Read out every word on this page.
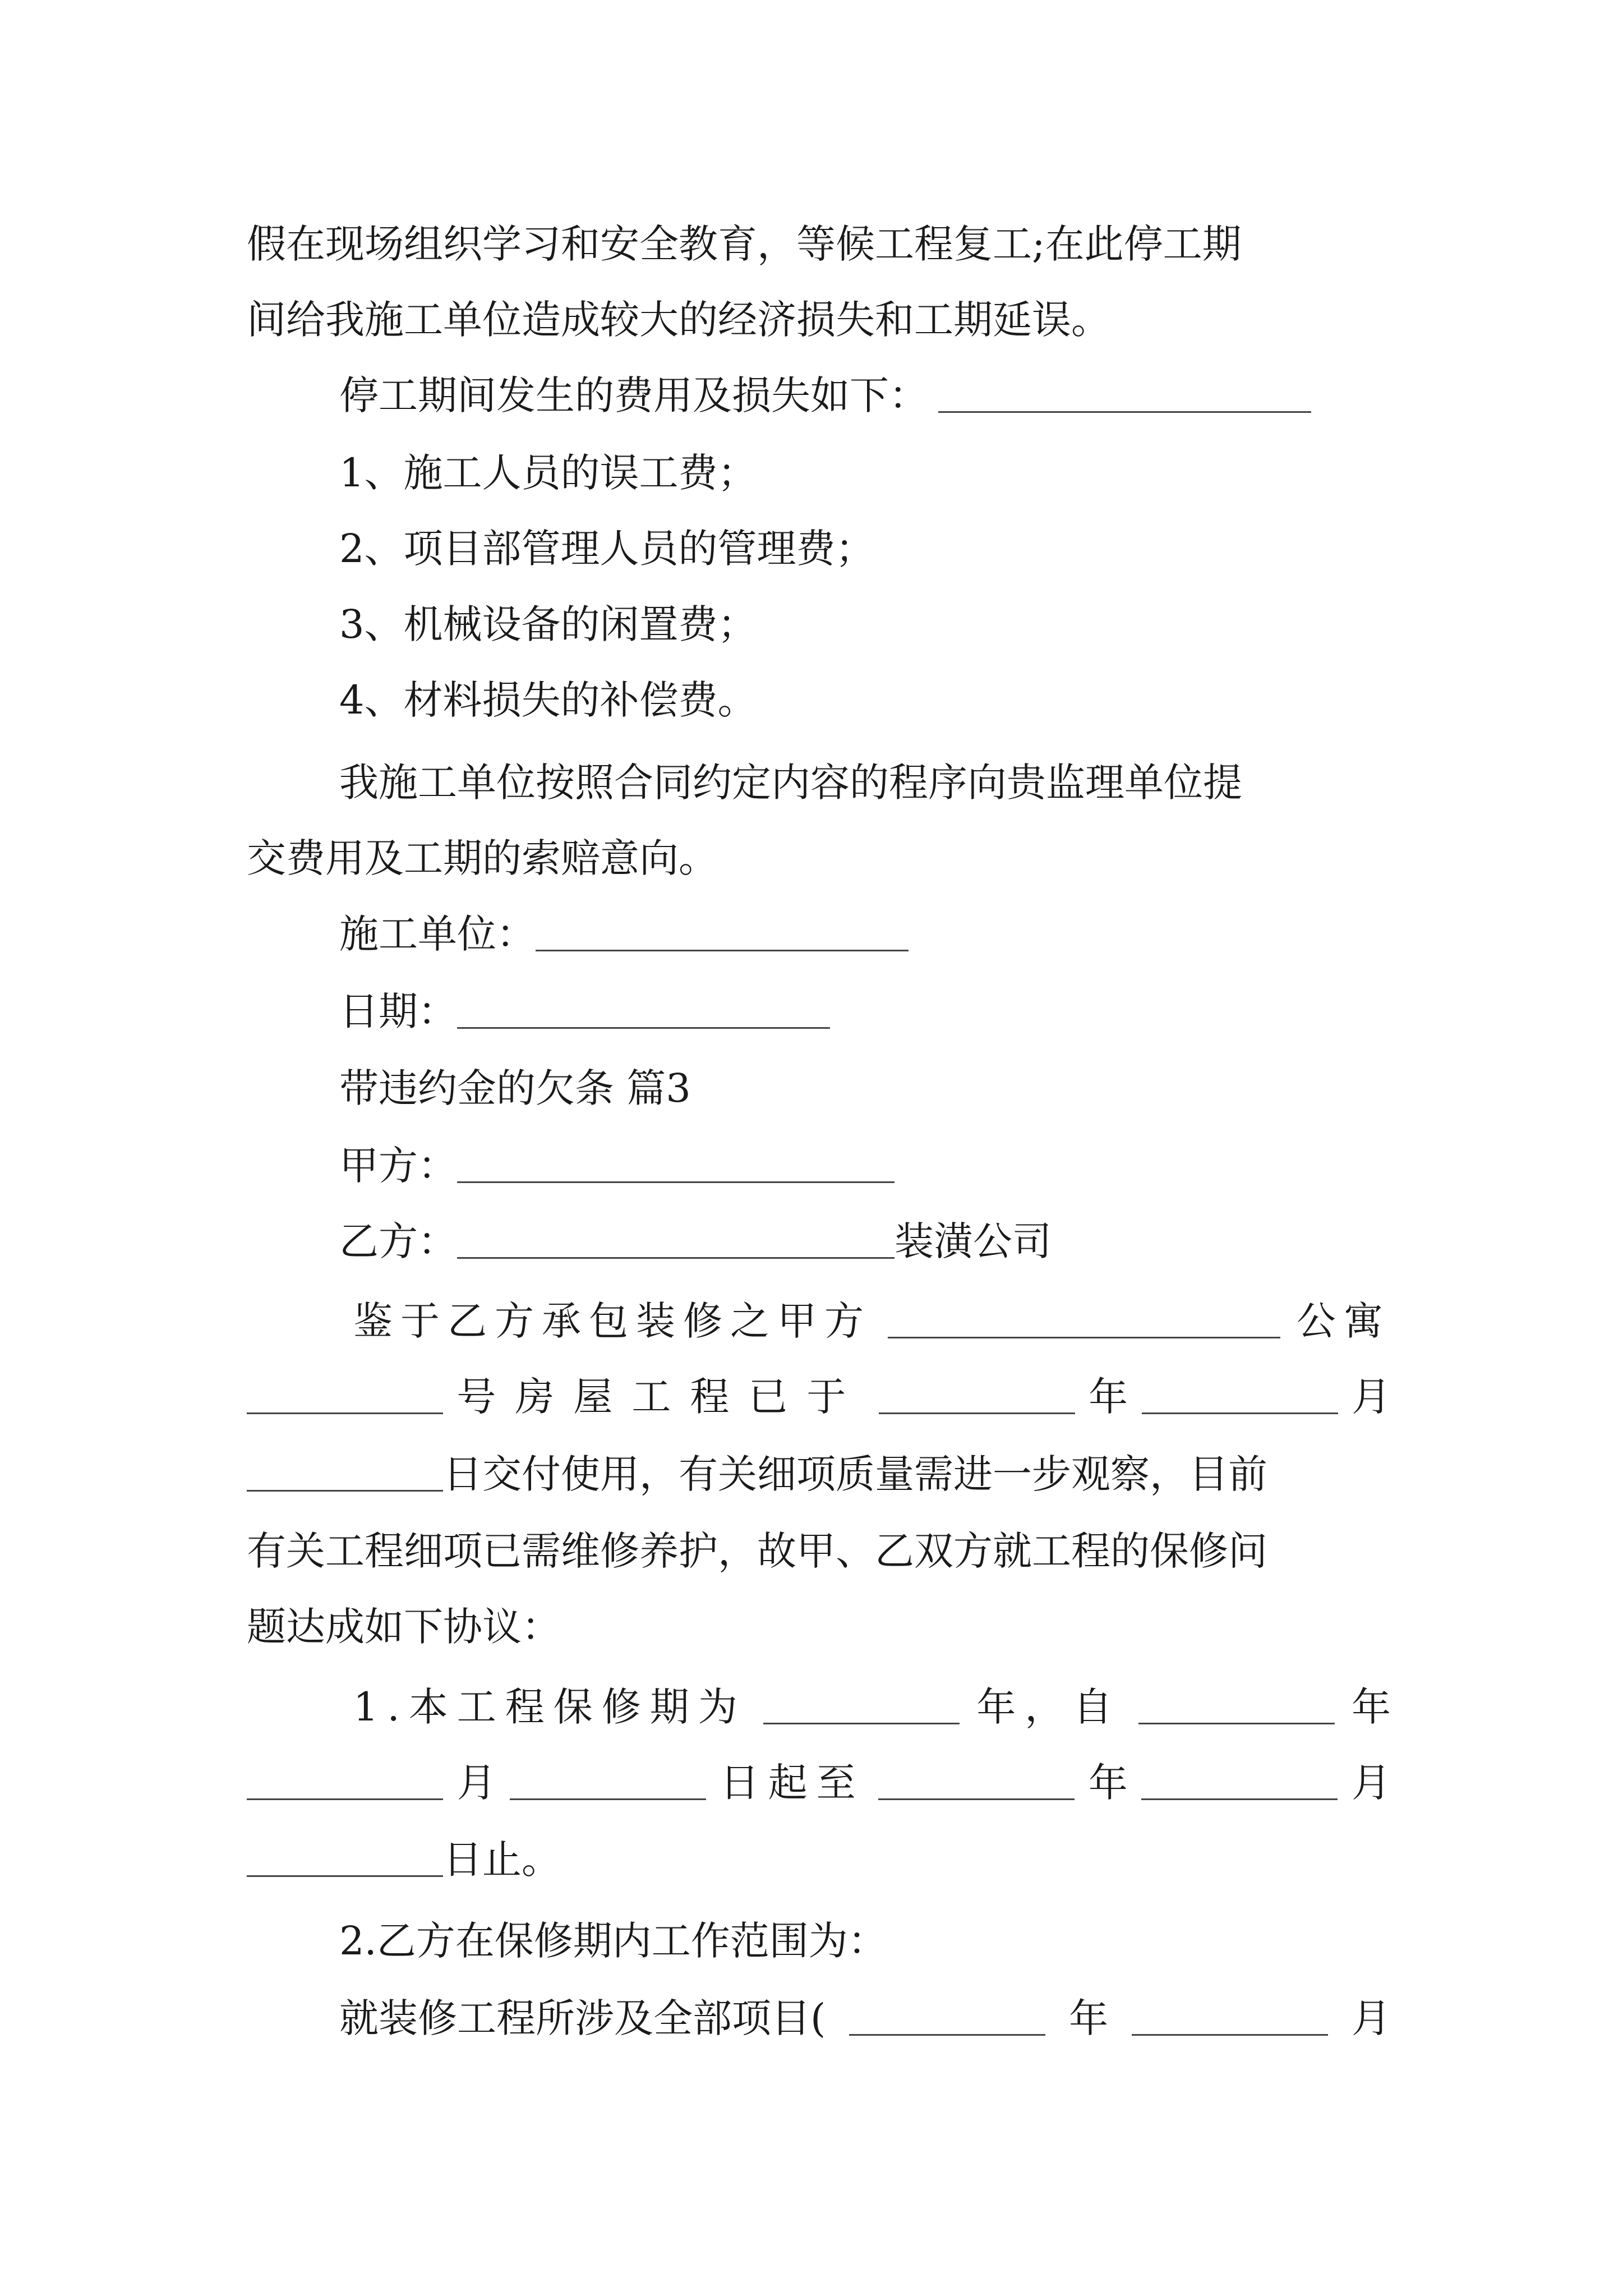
假在现场组织学习和安全教育，等候工程复工;在此停工期
间给我施工单位造成较大的经济损失和工期延误。
停工期间发生的费用及损失如下：
1、施工人员的误工费；
2、项目部管理人员的管理费；
3、机械设备的闲置费；
4、材料损失的补偿费。
我施工单位按照合同约定内容的程序向贵监理单位提
交费用及工期的索赔意向。
施工单位：
日期：
带违约金的欠条 篇3
甲方：
乙方：	装潢公司
鉴于乙方承包装修之甲方	公寓
号房屋工程已于	年	月
日交付使用，有关细项质量需进一步观察，目前
有关工程细项已需维修养护，故甲、乙双方就工程的保修问
题达成如下协议：
1.本工程保修期为	年，自	年
月	日起至	年	月
日止。
2.乙方在保修期内工作范围为：
就装修工程所涉及全部项目(	年	月
